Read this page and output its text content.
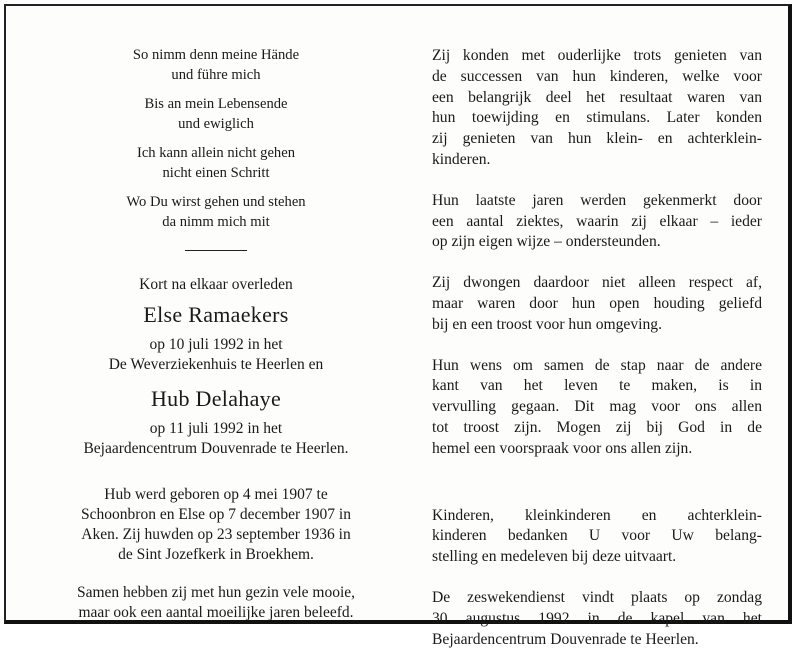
So nimm denn meine Hände

und führe mich

Bis an mein Lebensende

und ewiglich

Ich kann allein nicht gehen

nicht einen Schritt

Wo Du wirst gehen und stehen

da nimm mich mit

Kort na elkaar overleden

Else Ramaekers

op 10 juli 1992 in het

De Weverziekenhuis te Heerlen en

Hub Delahaye

op 11 juli 1992 in het

Bejaardencentrum Douvenrade te Heerlen.

Hub werd geboren op 4 mei 1907 te

Schoonbron en Else op 7 december 1907 in

Aken. Zij huwden op 23 september 1936 in

de Sint Jozefkerk in Broekhem.

Samen hebben zij met hun gezin vele mooie,

maar ook een aantal moeilijke jaren beleefd.

Zij konden met ouderlijke trots genieten van
de successen van hun kinderen, welke voor
een belangrijk deel het resultaat waren van
hun toewijding en stimulans. Later konden
zij genieten van hun klein- en achterklein-
kinderen.
Hun laatste jaren werden gekenmerkt door
een aantal ziektes, waarin zij elkaar – ieder
op zijn eigen wijze – ondersteunden.
Zij dwongen daardoor niet alleen respect af,
maar waren door hun open houding geliefd
bij en een troost voor hun omgeving.
Hun wens om samen de stap naar de andere
kant van het leven te maken, is in
vervulling gegaan. Dit mag voor ons allen
tot troost zijn. Mogen zij bij God in de
hemel een voorspraak voor ons allen zijn.
Kinderen, kleinkinderen en achterklein-
kinderen bedanken U voor Uw belang-
stelling en medeleven bij deze uitvaart.
De zeswekendienst vindt plaats op zondag
30 augustus 1992 in de kapel van het
Bejaardencentrum Douvenrade te Heerlen.
